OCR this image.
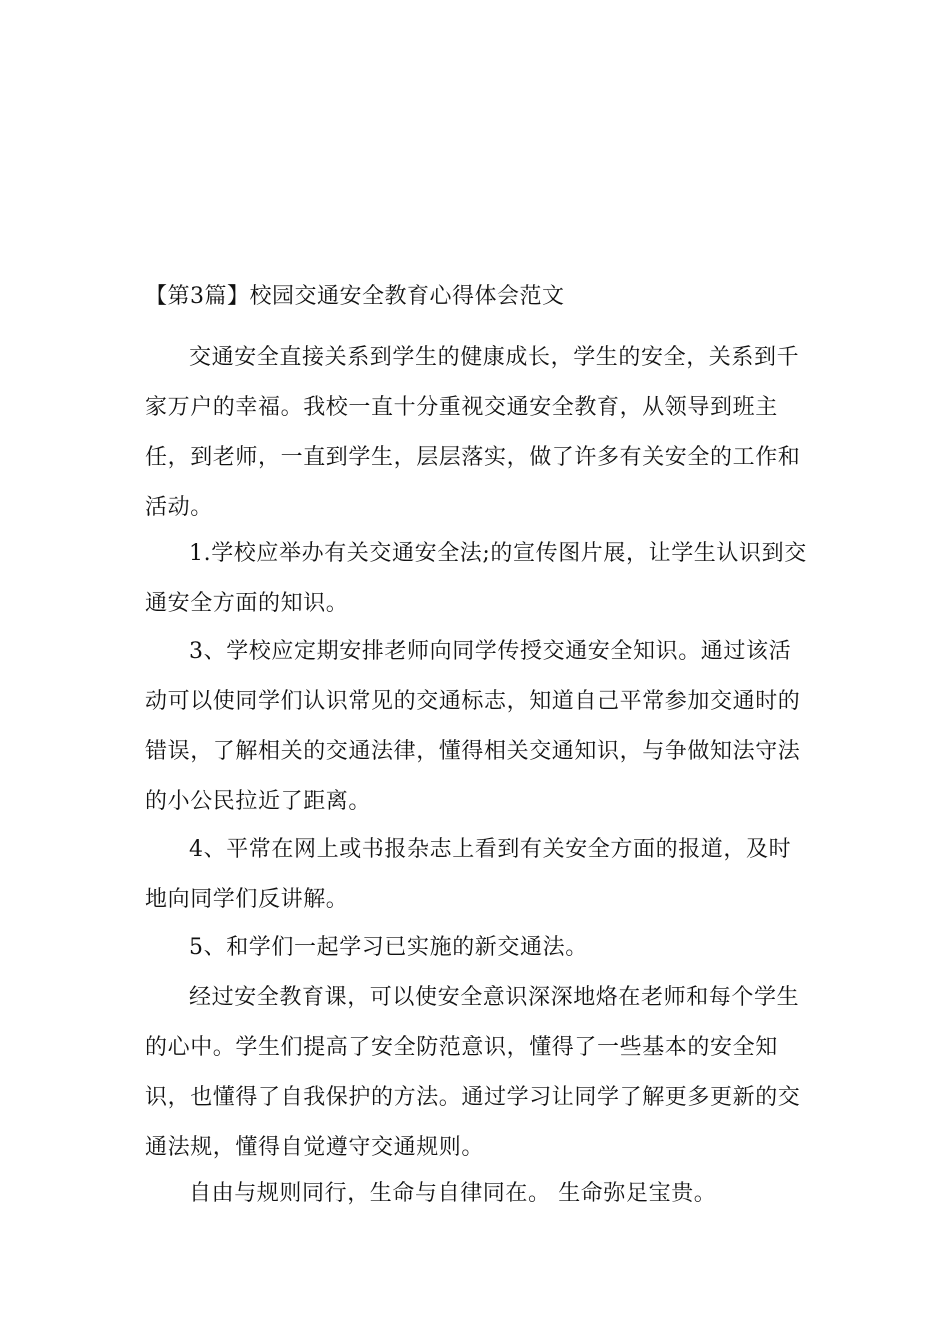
【第3篇】校园交通安全教育心得体会范文

交通安全直接关系到学生的健康成长，学生的安全，关系到千家万户的幸福。我校一直十分重视交通安全教育，从领导到班主任，到老师，一直到学生，层层落实，做了许多有关安全的工作和活动。

1.学校应举办有关交通安全法;的宣传图片展，让学生认识到交通安全方面的知识。

3、学校应定期安排老师向同学传授交通安全知识。通过该活动可以使同学们认识常见的交通标志，知道自己平常参加交通时的错误，了解相关的交通法律，懂得相关交通知识，与争做知法守法的小公民拉近了距离。

4、平常在网上或书报杂志上看到有关安全方面的报道，及时地向同学们反讲解。

5、和学们一起学习已实施的新交通法。

经过安全教育课，可以使安全意识深深地烙在老师和每个学生的心中。学生们提高了安全防范意识，懂得了一些基本的安全知识，也懂得了自我保护的方法。通过学习让同学了解更多更新的交通法规，懂得自觉遵守交通规则。

自由与规则同行，生命与自律同在。 生命弥足宝贵。
